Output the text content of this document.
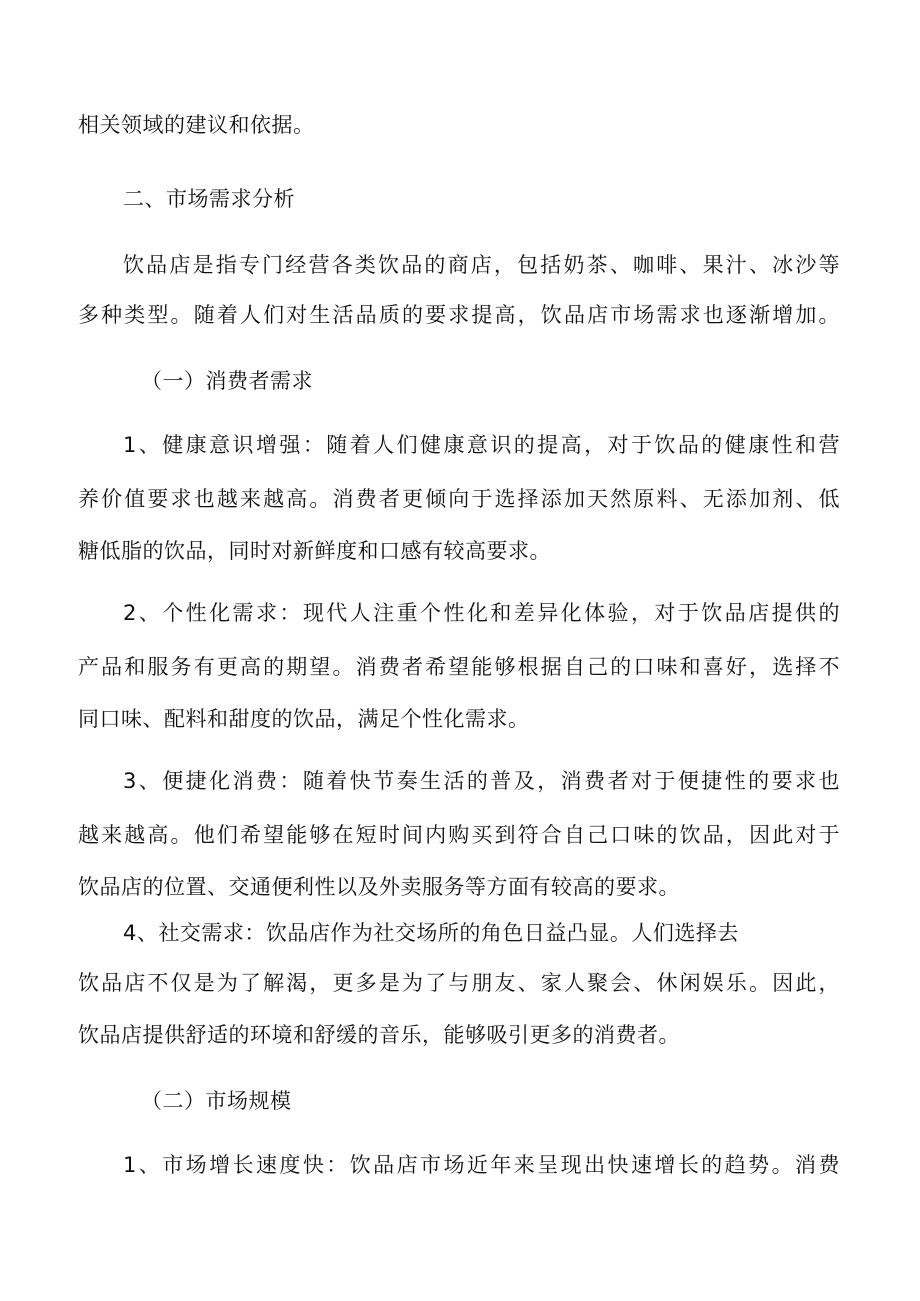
相关领域的建议和依据。
二、市场需求分析
饮品店是指专门经营各类饮品的商店，包括奶茶、咖啡、果汁、冰沙等
多种类型。随着人们对生活品质的要求提高，饮品店市场需求也逐渐增加。
（一）消费者需求
1、健康意识增强：随着人们健康意识的提高，对于饮品的健康性和营
养价值要求也越来越高。消费者更倾向于选择添加天然原料、无添加剂、低
糖低脂的饮品，同时对新鲜度和口感有较高要求。
2、个性化需求：现代人注重个性化和差异化体验，对于饮品店提供的
产品和服务有更高的期望。消费者希望能够根据自己的口味和喜好，选择不
同口味、配料和甜度的饮品，满足个性化需求。
3、便捷化消费：随着快节奏生活的普及，消费者对于便捷性的要求也
越来越高。他们希望能够在短时间内购买到符合自己口味的饮品，因此对于
饮品店的位置、交通便利性以及外卖服务等方面有较高的要求。
4、社交需求：饮品店作为社交场所的角色日益凸显。人们选择去
饮品店不仅是为了解渴，更多是为了与朋友、家人聚会、休闲娱乐。因此，
饮品店提供舒适的环境和舒缓的音乐，能够吸引更多的消费者。
（二）市场规模
1、市场增长速度快：饮品店市场近年来呈现出快速增长的趋势。消费
